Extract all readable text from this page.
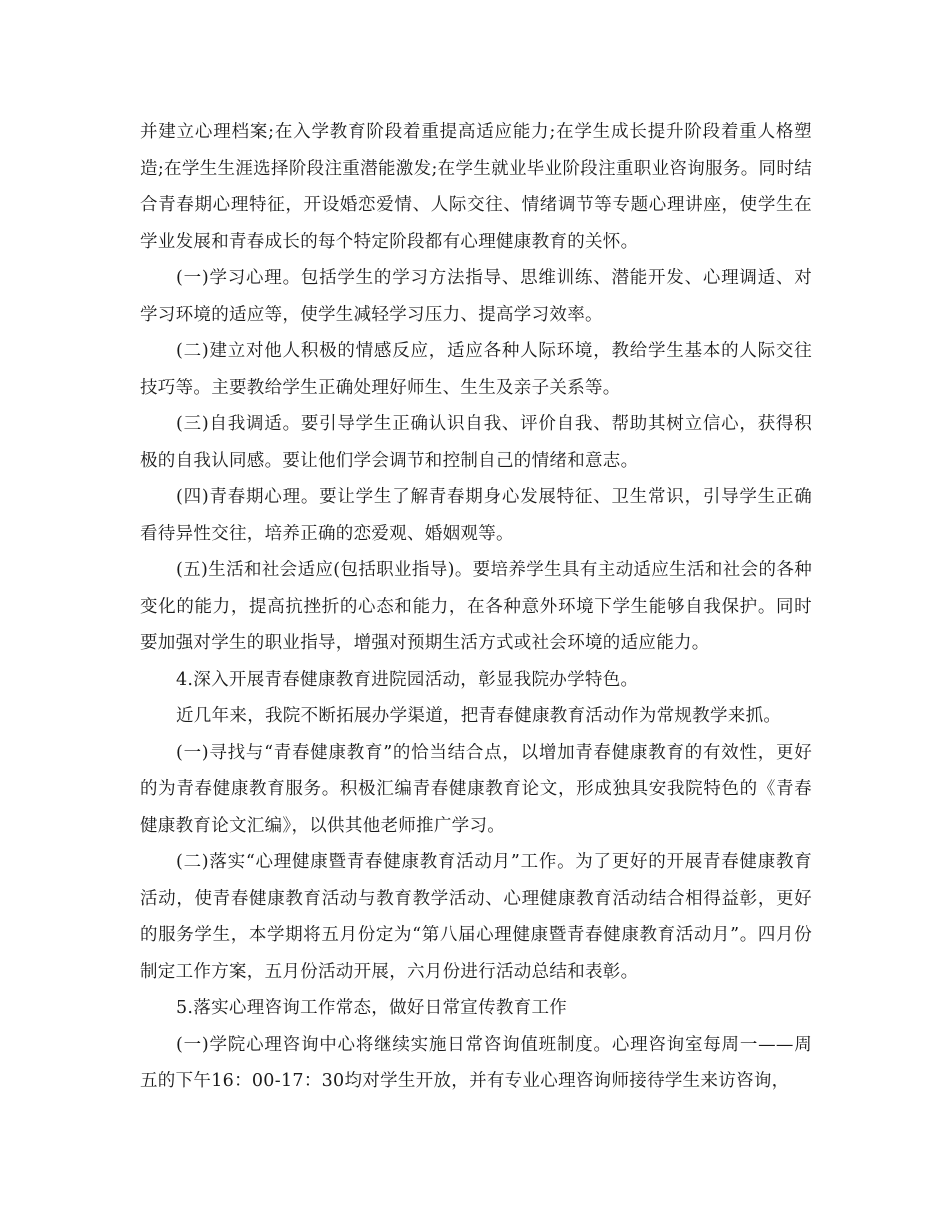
并建立心理档案;在入学教育阶段着重提高适应能力;在学生成长提升阶段着重人格塑造;在学生生涯选择阶段注重潜能激发;在学生就业毕业阶段注重职业咨询服务。同时结合青春期心理特征，开设婚恋爱情、人际交往、情绪调节等专题心理讲座，使学生在学业发展和青春成长的每个特定阶段都有心理健康教育的关怀。

(一)学习心理。包括学生的学习方法指导、思维训练、潜能开发、心理调适、对学习环境的适应等，使学生减轻学习压力、提高学习效率。

(二)建立对他人积极的情感反应，适应各种人际环境，教给学生基本的人际交往技巧等。主要教给学生正确处理好师生、生生及亲子关系等。

(三)自我调适。要引导学生正确认识自我、评价自我、帮助其树立信心，获得积极的自我认同感。要让他们学会调节和控制自己的情绪和意志。

(四)青春期心理。要让学生了解青春期身心发展特征、卫生常识，引导学生正确看待异性交往，培养正确的恋爱观、婚姻观等。

(五)生活和社会适应(包括职业指导)。要培养学生具有主动适应生活和社会的各种变化的能力，提高抗挫折的心态和能力，在各种意外环境下学生能够自我保护。同时要加强对学生的职业指导，增强对预期生活方式或社会环境的适应能力。

4.深入开展青春健康教育进院园活动，彰显我院办学特色。

近几年来，我院不断拓展办学渠道，把青春健康教育活动作为常规教学来抓。

(一)寻找与“青春健康教育”的恰当结合点，以增加青春健康教育的有效性，更好的为青春健康教育服务。积极汇编青春健康教育论文，形成独具安我院特色的《青春健康教育论文汇编》，以供其他老师推广学习。

(二)落实“心理健康暨青春健康教育活动月”工作。为了更好的开展青春健康教育活动，使青春健康教育活动与教育教学活动、心理健康教育活动结合相得益彰，更好的服务学生，本学期将五月份定为“第八届心理健康暨青春健康教育活动月”。四月份制定工作方案，五月份活动开展，六月份进行活动总结和表彰。

5.落实心理咨询工作常态，做好日常宣传教育工作

(一)学院心理咨询中心将继续实施日常咨询值班制度。心理咨询室每周一——周五的下午16：00-17：30均对学生开放，并有专业心理咨询师接待学生来访咨询，
